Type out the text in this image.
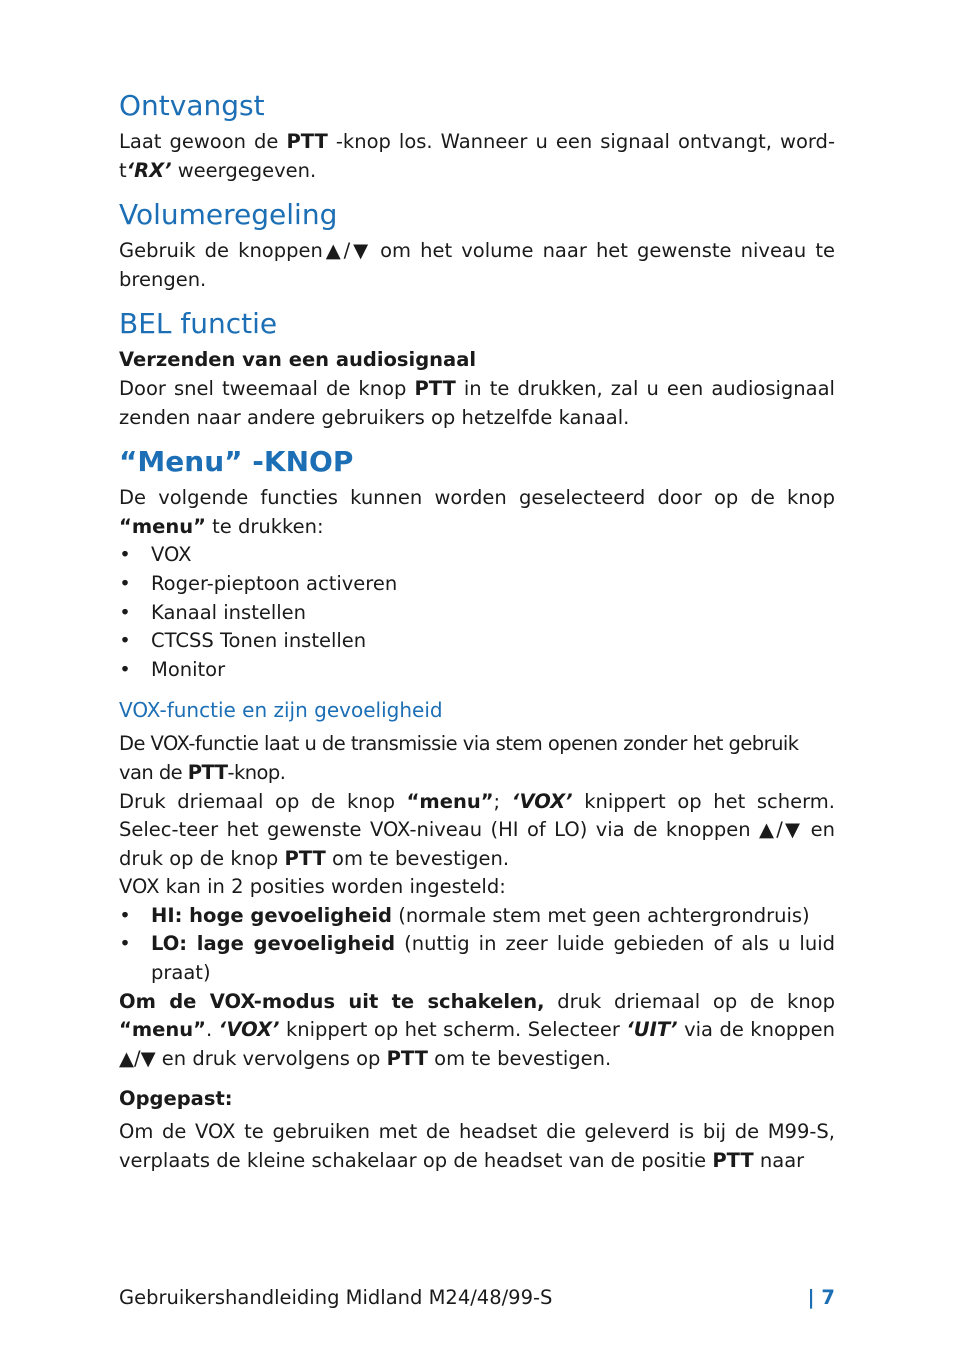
Ontvangst

Laat gewoon de PTT -knop los. Wanneer u een signaal ontvangt, word-t‘RX’ weergegeven.

Volumeregeling

Gebruik de knoppen▲/▼ om het volume naar het gewenste niveau te brengen.

BEL functie

Verzenden van een audiosignaal

Door snel tweemaal de knop PTT in te drukken, zal u een audiosignaal zenden naar andere gebruikers op hetzelfde kanaal.

“Menu” -KNOP

De volgende functies kunnen worden geselecteerd door op de knop “menu” te drukken:

• VOX
• Roger-pieptoon activeren
• Kanaal instellen
• CTCSS Tonen instellen
• Monitor
VOX-functie en zijn gevoeligheid

De VOX-functie laat u de transmissie via stem openen zonder het gebruik van de PTT-knop.

Druk driemaal op de knop “menu”; ‘VOX’ knippert op het scherm. Selec-teer het gewenste VOX-niveau (HI of LO) via de knoppen ▲/▼ en druk op de knop PTT om te bevestigen.

VOX kan in 2 posities worden ingesteld:

• HI: hoge gevoeligheid (normale stem met geen achtergrondruis)
• LO: lage gevoeligheid (nuttig in zeer luide gebieden of als u luid praat)

Om de VOX-modus uit te schakelen, druk driemaal op de knop “menu”. ‘VOX’ knippert op het scherm. Selecteer ‘UIT’ via de knoppen ▲/▼ en druk vervolgens op PTT om te bevestigen.

Opgepast:

Om de VOX te gebruiken met de headset die geleverd is bij de M99-S, verplaats de kleine schakelaar op de headset van de positie PTT naar

Gebruikershandleiding Midland M24/48/99-S	| 7
